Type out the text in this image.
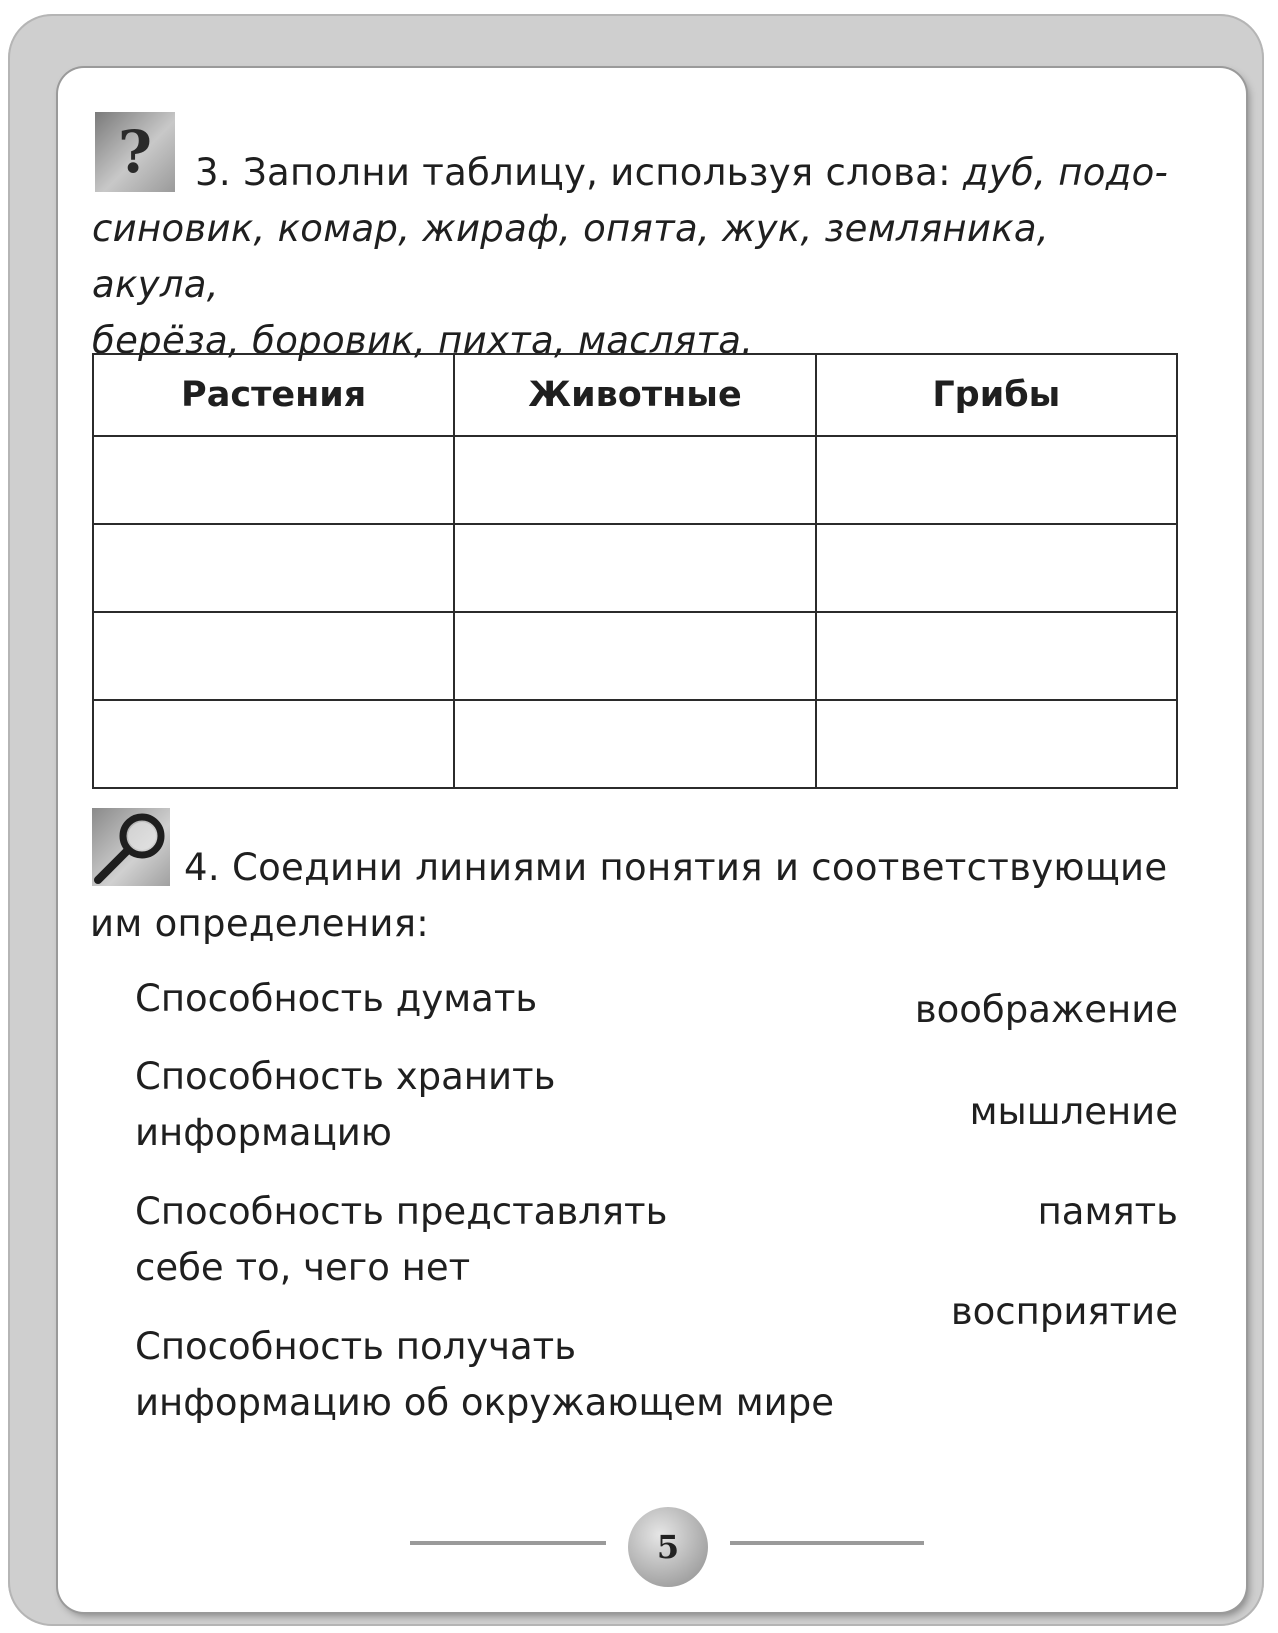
?	3. Заполни таблицу, используя слова: дуб, подо-
синовик, комар, жираф, опята, жук, земляника, акула,
берёза, боровик, пихта, маслята.
Растения	Животные	Грибы

4. Соедини линиями понятия и соответствующие
им определения:
Способность думать
Способность хранить
информацию
Способность представлять
себе то, чего нет
Способность получать
информацию об окружающем мире
воображение
мышление
память
восприятие
5
